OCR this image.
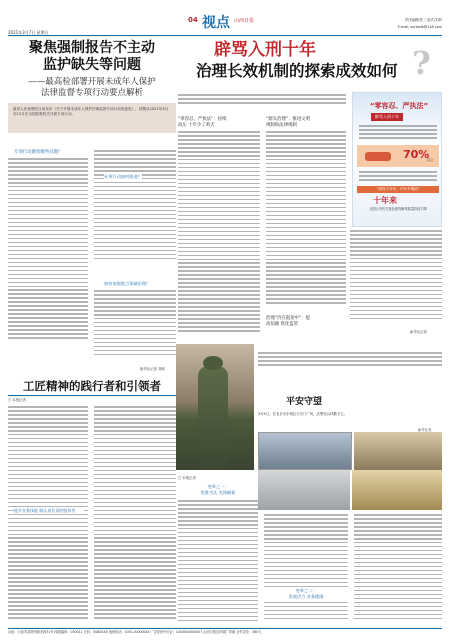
2021年3月7日 星期日
04 视点 山西日报	责任编辑/张三 版式/刘四
E-mail: sxrbsdb@126.com
聚焦强制报告不主动
监护缺失等问题
——最高检部署开展未成年人保护
法律监督专项行动要点解析
最高人民检察院日前发布《关于开展未成年人保护法律监督专项行动的意见》，部署从2021年3月至12月在全国检察机关开展专项行动。
专项行动聚焦哪些问题？
专项行动如何推进？
如何加强重点领域治理？
新华社记者 刘硕
辟骂入刑十年
治理长效机制的探索成效如何 ?
“零容忍、严执法”：持续
高压 十年少了鸡犬
“源头治理”：推进文明
规制和法律规制
治理“仍在阻途中”：提
高知晓 优化监管
新华社记者
“零容忍、严执法”
醉驾入刑十年
70%
以上
“酒驾不开车，开车不喝酒”
十年来
全国公安机关查处酒驾醉驾数量持续下降
平安守望
3月4日，在北京市东城区天安门广场，武警官兵执勤守卫。
新华社发
工匠精神的践行者和引领者
□ 本报记者
提升业务技能 做认真负责的服务者
□ 本报记者
变革之一：
优胜劣汰 先锋模板
变革之二：
发展活力 业务精细
社址：太原市双塔西街北段31号 邮政编码：030012 总机：5080XXX 值班电话：0351-XXXXXXX 广告经营许可证：1400004000007 山西日报社印刷厂印刷 全年定价：360元
